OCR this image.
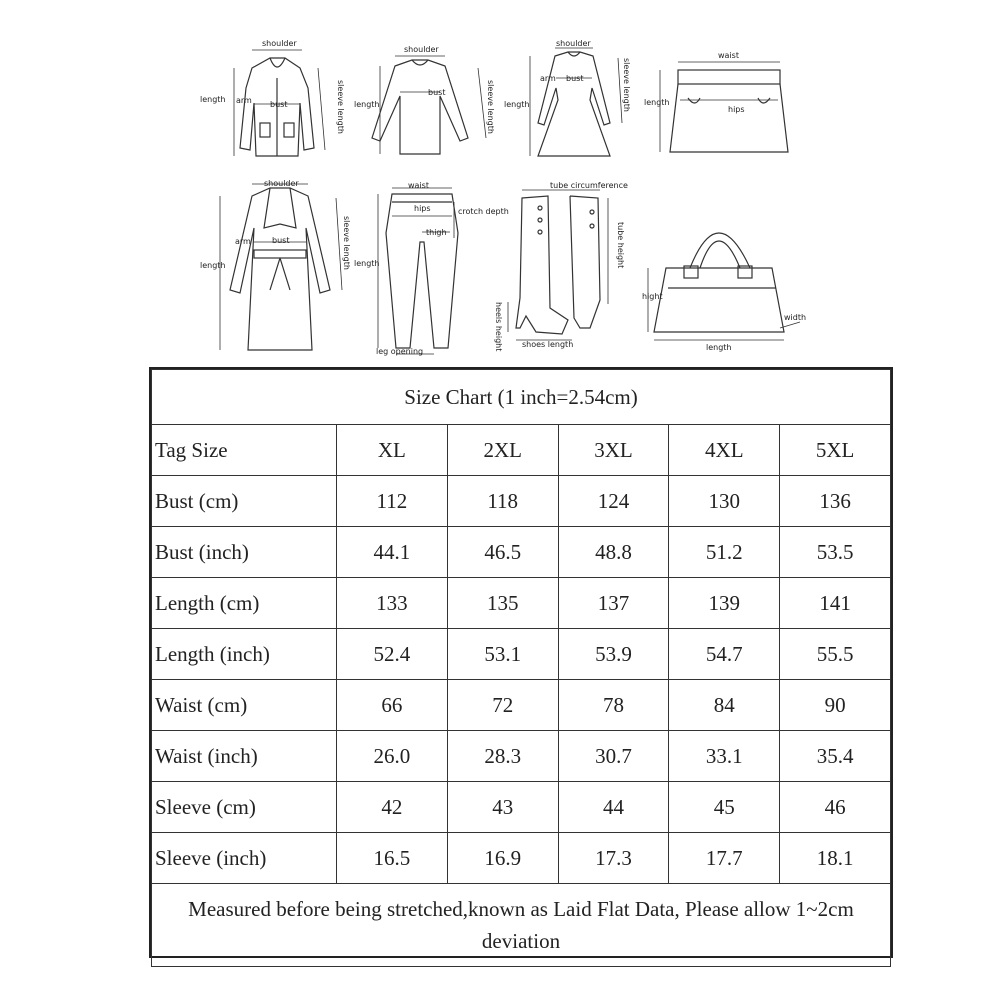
shoulder
length arm bust	sleeve length
shoulder
length
bust	sleeve length
shoulder
length
arm bust	sleeve length
waist
length
hips
shoulder
length
arm	bust	sleeve length
waist
hips	crotch depth
thigh
length
leg opening
tube circumference
tube height
heels height shoes length
hight
width
length
Size Chart (1 inch=2.54cm)					
Tag Size	XL	2XL	3XL	4XL	5XL
Bust (cm)	112	118	124	130	136
Bust (inch)	44.1	46.5	48.8	51.2	53.5
Length (cm)	133	135	137	139	141
Length (inch)	52.4	53.1	53.9	54.7	55.5
Waist (cm)	66	72	78	84	90
Waist (inch)	26.0	28.3	30.7	33.1	35.4
Sleeve (cm)	42	43	44	45	46
Sleeve (inch)	16.5	16.9	17.3	17.7	18.1
Measured before being stretched,known as Laid Flat Data, Please allow 1~2cm deviation					
